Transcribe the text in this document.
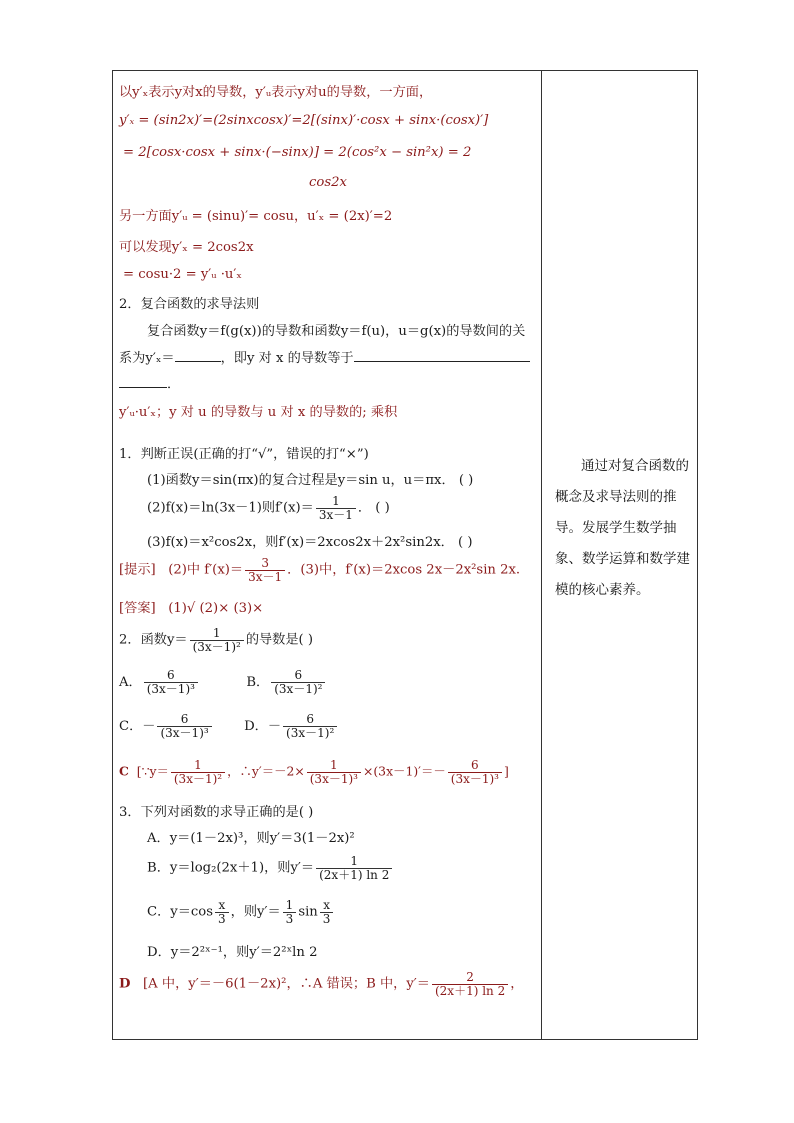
以y′ₓ表示y对x的导数，y′ᵤ表示y对u的导数，一方面，
y′ₓ = (sin2x)′=(2sinxcosx)′=2[(sinx)′·cosx + sinx·(cosx)′]
= 2[cosx·cosx + sinx·(−sinx)] = 2(cos²x − sin²x) = 2
cos2x
另一方面y′ᵤ = (sinu)′= cosu，u′ₓ = (2x)′=2
可以发现y′ₓ = 2cos2x
= cosu·2 = y′ᵤ ·u′ₓ
2．复合函数的求导法则
复合函数y＝f(g(x))的导数和函数y＝f(u)，u＝g(x)的导数间的关
系为y′ₓ＝	，即y 对 x 的导数等于
．
y′ᵤ·u′ₓ；y 对 u 的导数与 u 对 x 的导数的; 乘积
1．判断正误(正确的打“√”，错误的打“×”)
(1)函数y＝sin(πx)的复合过程是y＝sin u，u＝πx． ( )
(2)f(x)＝ln(3x－1)则$f'(x)= \frac{1}{3x-1}$ ． ( )
(3)f(x)＝x²cos2x，则f′(x)＝2xcos2x＋2x²sin2x． ( )
[提示] (2)中 $f'(x)= \frac{3}{3x-1}$ ．(3)中，f′(x)＝2xcos 2x－2x²sin 2x.
[答案] (1)√ (2)× (3)×
2．函数$y= \frac{1}{\text{(3x－1)²}}$ 的导数是( )
A． $\frac{6}{\text{(3x－1)³}}$	B． $\frac{6}{\text{(3x－1)²}}$
C．－ $\frac{6}{\text{(3x－1)³}}$ D．－ $\frac{6}{\text{(3x－1)²}}$
C [∵y＝ $\frac{1}{\text{(3x－1)²}}$ ，∴y′＝－2× $\frac{1}{\text{(3x－1)³}} \times(3x-1)'=- \frac{6}{\text{(3x－1)³}}$ ]
3．下列对函数的求导正确的是( )
A．y＝(1－2x)³，则y′＝3(1－2x)²
B．y＝log₂(2x＋1)，则$y'= \frac{1}{(2x+1) \ln 2}$
C．$y=\cos \frac{x}{3}$ ，则$y'= \frac{1}{3}$ $\sin \frac{x}{3}$
D．y＝2²ˣ⁻¹，则y′＝2²ˣln 2
D [A 中，y′＝－6(1－2x)²，∴A 错误；B 中，$y'= \frac{2}{(2x+1) \ln 2}$ ，
通过对复合函数的概念及求导法则的推导。发展学生数学抽象、数学运算和数学建模的核心素养。
